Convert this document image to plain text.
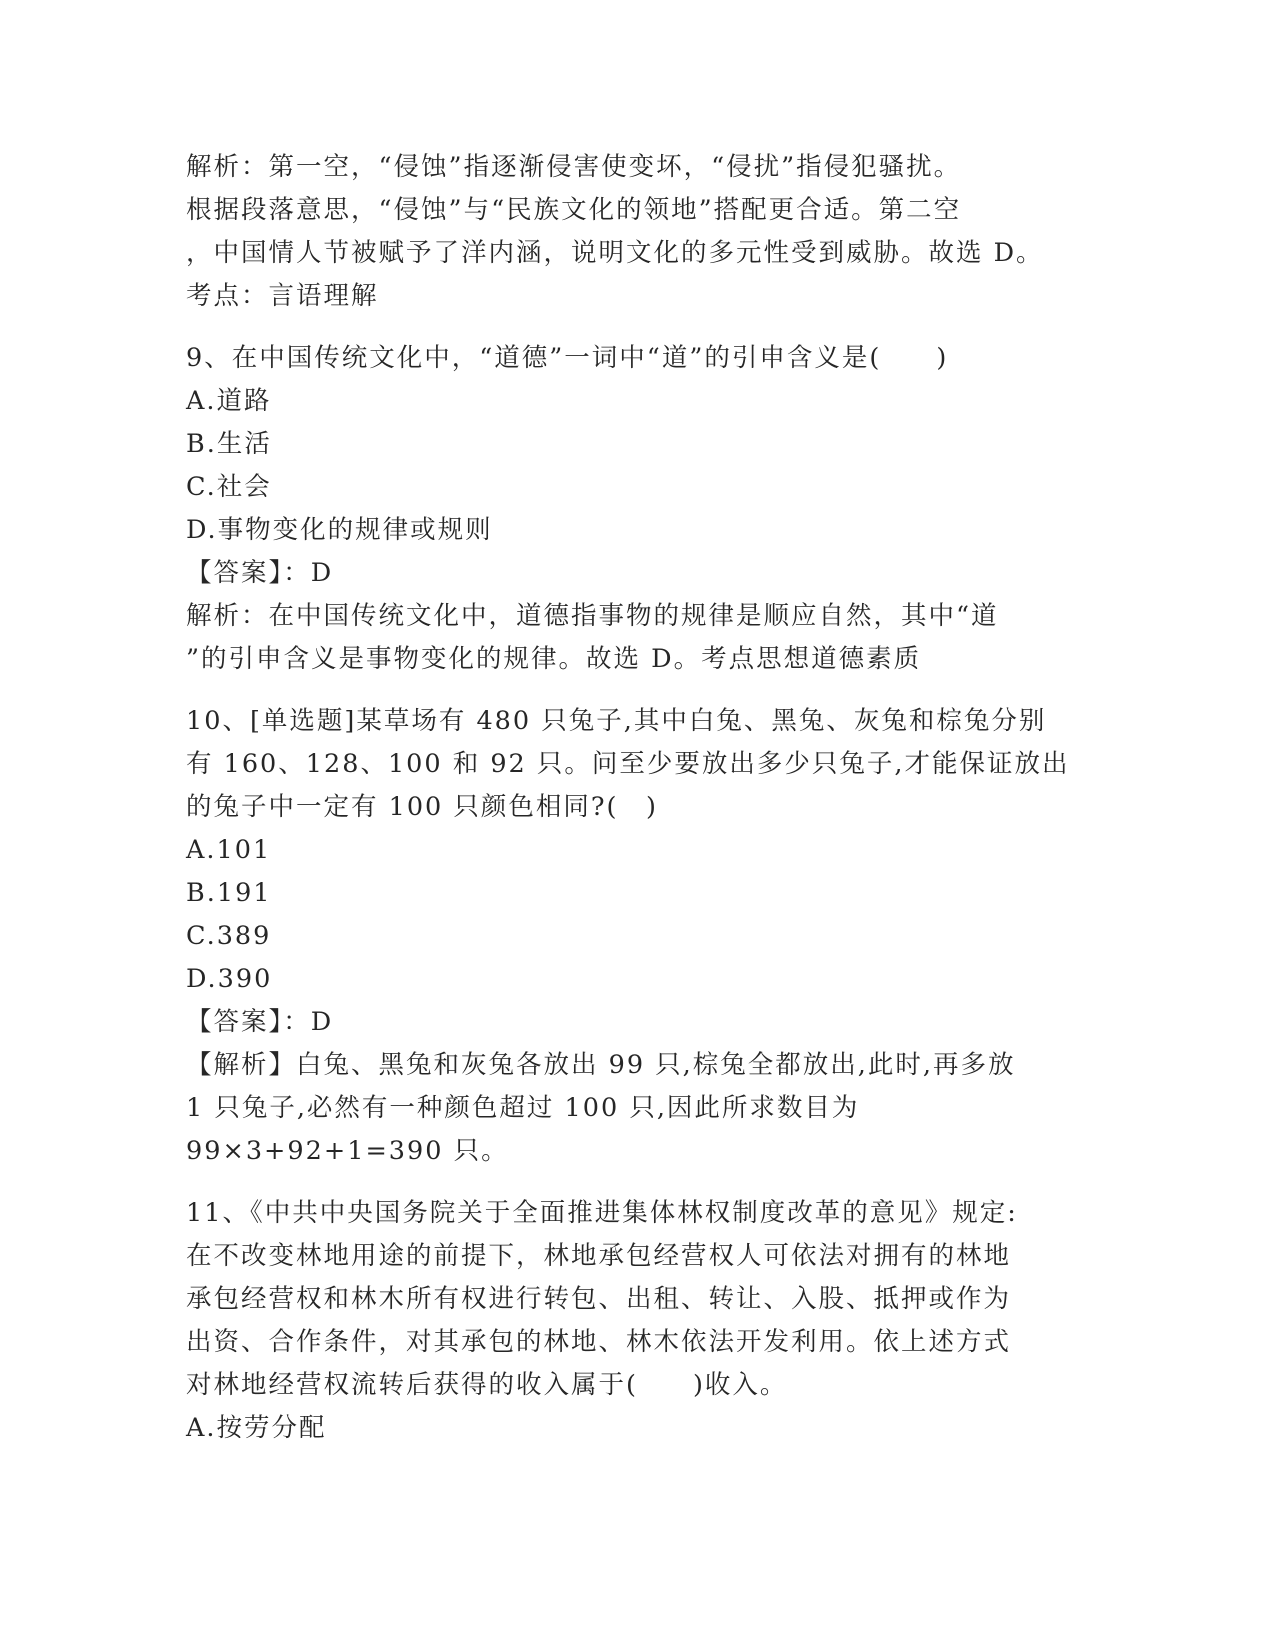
解析：第一空，“侵蚀”指逐渐侵害使变坏，“侵扰”指侵犯骚扰。
根据段落意思，“侵蚀”与“民族文化的领地”搭配更合适。第二空
，中国情人节被赋予了洋内涵，说明文化的多元性受到威胁。故选 D。
考点：言语理解
9、在中国传统文化中，“道德”一词中“道”的引申含义是(　　)
A.道路
B.生活
C.社会
D.事物变化的规律或规则
【答案】：D
解析：在中国传统文化中，道德指事物的规律是顺应自然，其中“道
”的引申含义是事物变化的规律。故选 D。考点思想道德素质
10、[单选题]某草场有 480 只兔子,其中白兔、黑兔、灰兔和棕兔分别
有 160、128、100 和 92 只。问至少要放出多少只兔子,才能保证放出
的兔子中一定有 100 只颜色相同?(　)
A.101
B.191
C.389
D.390
【答案】：D
【解析】白兔、黑兔和灰兔各放出 99 只,棕兔全都放出,此时,再多放
1 只兔子,必然有一种颜色超过 100 只,因此所求数目为
99×3+92+1=390 只。
11、《中共中央国务院关于全面推进集体林权制度改革的意见》规定:
在不改变林地用途的前提下，林地承包经营权人可依法对拥有的林地
承包经营权和林木所有权进行转包、出租、转让、入股、抵押或作为
出资、合作条件，对其承包的林地、林木依法开发利用。依上述方式
对林地经营权流转后获得的收入属于(　　)收入。
A.按劳分配
